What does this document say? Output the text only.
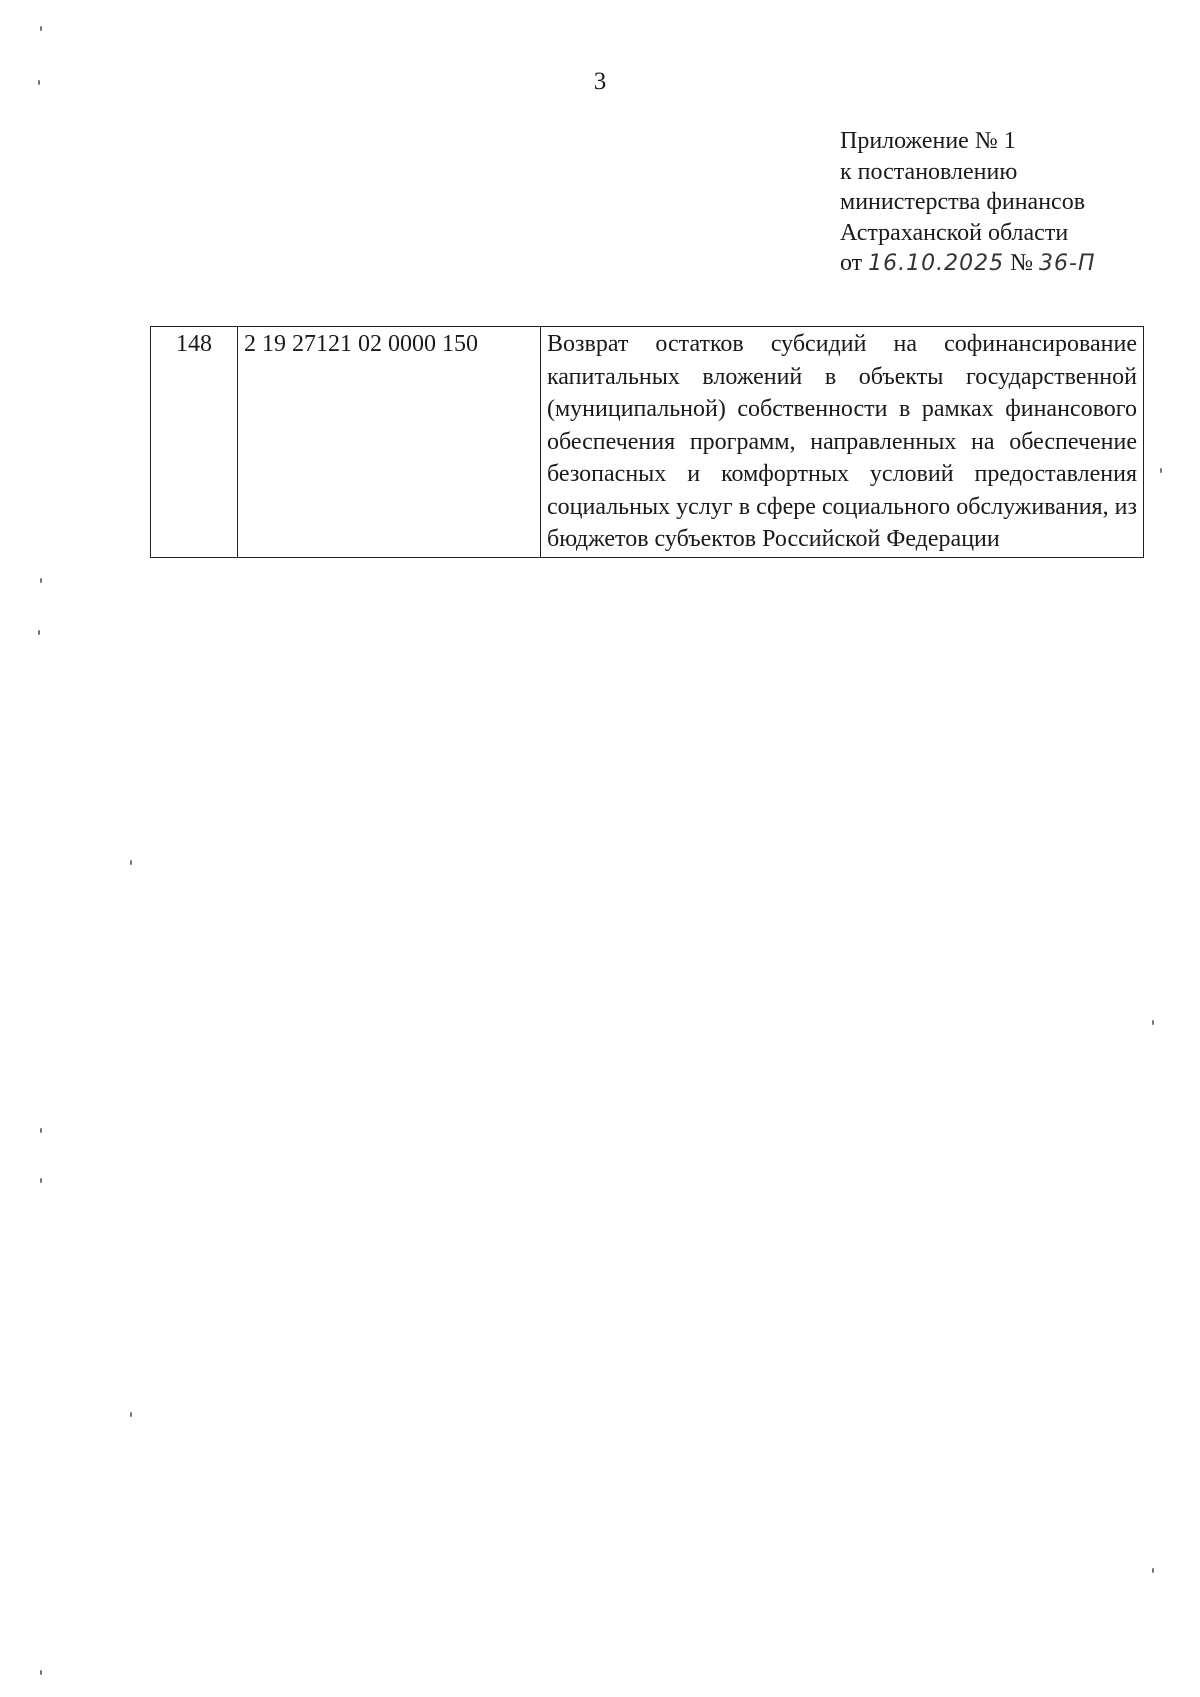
3
Приложение № 1
к постановлению
министерства финансов
Астраханской области
от 16.10.2025 № 36-П
148	2 19 27121 02 0000 150	Возврат остатков субсидий на софинансирование капитальных вложений в объекты государственной (муниципальной) собственности в рамках финансового обеспечения программ, направленных на обеспечение безопасных и комфортных условий предоставления социальных услуг в сфере социального обслуживания, из бюджетов субъектов Российской Федерации
